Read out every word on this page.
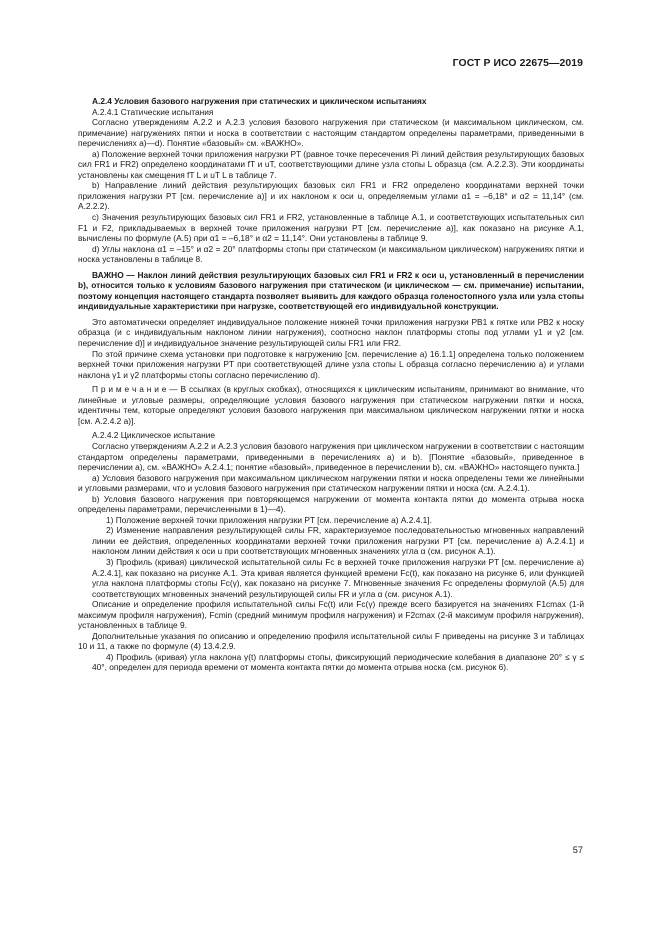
ГОСТ Р ИСО 22675—2019

А.2.4 Условия базового нагружения при статических и циклическом испытаниях

А.2.4.1 Статические испытания

Согласно утверждениям А.2.2 и А.2.3 условия базового нагружения при статическом (и максимальном циклическом, см. примечание) нагружениях пятки и носка в соответствии с настоящим стандартом определены параметрами, приведенными в перечислениях а)—d). Понятие «базовый» см. «ВАЖНО».

а) Положение верхней точки приложения нагрузки PT (равное точке пересечения Pi линий действия результирующих базовых сил FR1 и FR2) определено координатами fT и uT, соответствующими длине узла стопы L образца (см. А.2.2.3). Эти координаты установлены как смещения fT L и uT L в таблице 7.

b) Направление линий действия результирующих базовых сил FR1 и FR2 определено координатами верхней точки приложения нагрузки PT [см. перечисление а)] и их наклоном к оси u, определяемым углами α1 = –6,18° и α2 = 11,14° (см. А.2.2.2).

с) Значения результирующих базовых сил FR1 и FR2, установленные в таблице А.1, и соответствующих испытательных сил F1 и F2, прикладываемых в верхней точке приложения нагрузки PT [см. перечисление а)], как показано на рисунке А.1, вычислены по формуле (А.5) при α1 = –6,18° и α2 = 11,14°. Они установлены в таблице 9.

d) Углы наклона α1 = –15° и α2 = 20° платформы стопы при статическом (и максимальном циклическом) нагружениях пятки и носка установлены в таблице 8.

ВАЖНО — Наклон линий действия результирующих базовых сил FR1 и FR2 к оси u, установленный в перечислении b), относится только к условиям базового нагружения при статическом (и циклическом — см. примечание) испытании, поэтому концепция настоящего стандарта позволяет выявить для каждого образца голеностопного узла или узла стопы индивидуальные характеристики при нагрузке, соответствующей его индивидуальной конструкции.

Это автоматически определяет индивидуальное положение нижней точки приложения нагрузки PB1 к пятке или PB2 к носку образца (и с индивидуальным наклоном линии нагружения), соотносно наклон платформы стопы под углами γ1 и γ2 [см. перечисление d)] и индивидуальное значение результирующей силы FR1 или FR2.

По этой причине схема установки при подготовке к нагружению [см. перечисление а) 16.1.1] определена только положением верхней точки приложения нагрузки PT при соответствующей длине узла стопы L образца согласно перечислению а) и углами наклона γ1 и γ2 платформы стопы согласно перечислению d).

П р и м е ч а н и е — В ссылках (в круглых скобках), относящихся к циклическим испытаниям, принимают во внимание, что линейные и угловые размеры, определяющие условия базового нагружения при статическом нагружении пятки и носка, идентичны тем, которые определяют условия базового нагружения при максимальном циклическом нагружении пятки и носка [см. А.2.4.2 а)].

А.2.4.2 Циклическое испытание

Согласно утверждениям А.2.2 и А.2.3 условия базового нагружения при циклическом нагружении в соответствии с настоящим стандартом определены параметрами, приведенными в перечислениях а) и b). [Понятие «базовый», приведенное в перечислении а), см. «ВАЖНО» А.2.4.1; понятие «базовый», приведенное в перечислении b), см. «ВАЖНО» настоящего пункта.]

а) Условия базового нагружения при максимальном циклическом нагружении пятки и носка определены теми же линейными и угловыми размерами, что и условия базового нагружения при статическом нагружении пятки и носка (см. А.2.4.1).

b) Условия базового нагружения при повторяющемся нагружении от момента контакта пятки до момента отрыва носка определены параметрами, перечисленными в 1)—4).

1) Положение верхней точки приложения нагрузки PT [см. перечисление а) А.2.4.1].

2) Изменение направления результирующей силы FR, характеризуемое последовательностью мгновенных направлений линии ее действия, определенных координатами верхней точки приложения нагрузки PT [см. перечисление а) А.2.4.1] и наклоном линии действия к оси u при соответствующих мгновенных значениях угла α (см. рисунок А.1).

3) Профиль (кривая) циклической испытательной силы Fc в верхней точке приложения нагрузки PT [см. перечисление а) А.2.4.1], как показано на рисунке А.1. Эта кривая является функцией времени Fc(t), как показано на рисунке 6, или функцией угла наклона платформы стопы Fc(γ), как показано на рисунке 7. Мгновенные значения Fc определены формулой (А.5) для соответствующих мгновенных значений результирующей силы FR и угла α (см. рисунок А.1).

Описание и определение профиля испытательной силы Fc(t) или Fc(γ) прежде всего базируется на значениях F1cmax (1-й максимум профиля нагружения), Fcmin (средний минимум профиля нагружения) и F2cmax (2-й максимум профиля нагружения), установленных в таблице 9.

Дополнительные указания по описанию и определению профиля испытательной силы F приведены на рисунке 3 и таблицах 10 и 11, а также по формуле (4) 13.4.2.9.

4) Профиль (кривая) угла наклона γ(t) платформы стопы, фиксирующий периодические колебания в диапазоне 20° ≤ γ ≤ 40°, определен для периода времени от момента контакта пятки до момента отрыва носка (см. рисунок 6).

57
